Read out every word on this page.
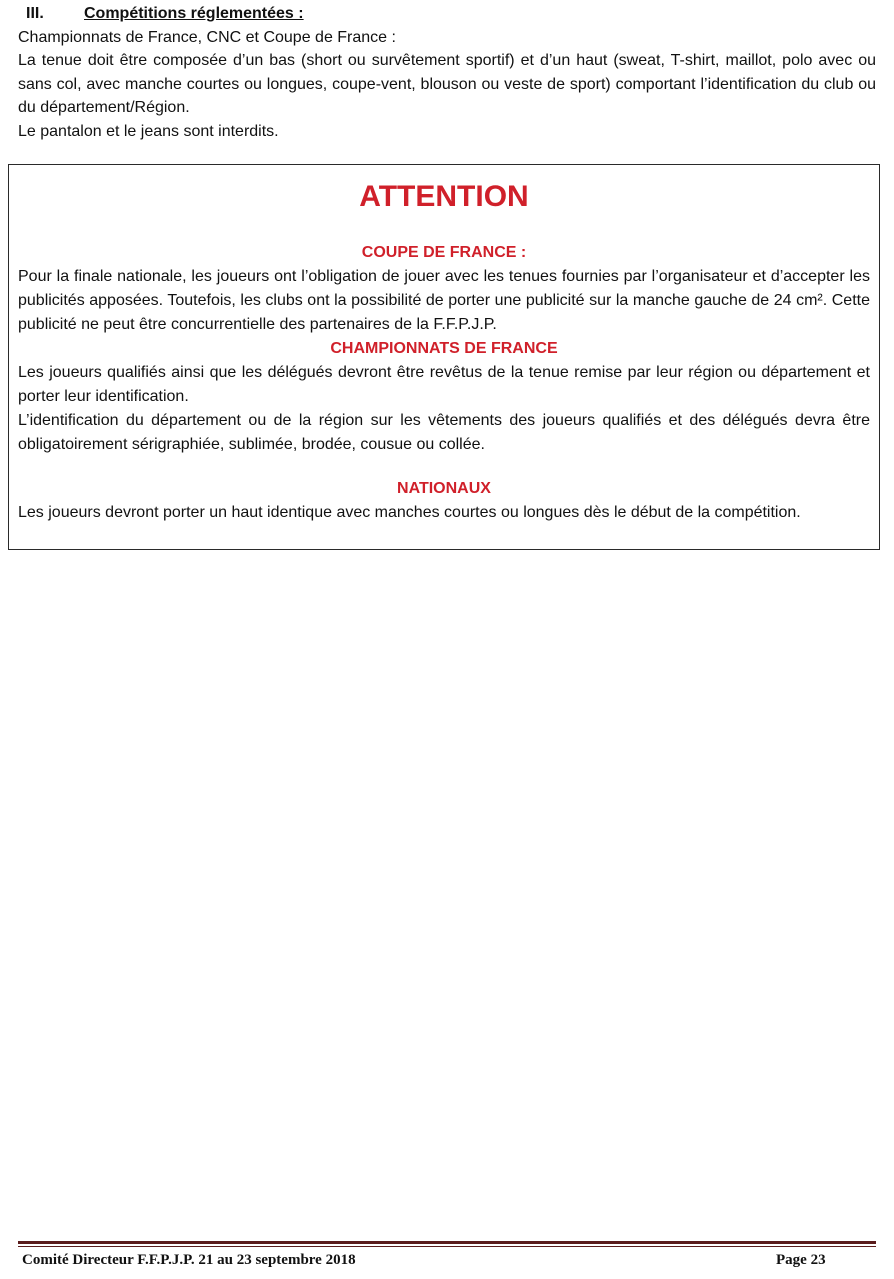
III.	Compétitions réglementées :

Championnats de France, CNC et Coupe de France :

La tenue doit être composée d’un bas (short ou survêtement sportif) et d’un haut (sweat, T-shirt, maillot, polo avec ou sans col, avec manche courtes ou longues, coupe-vent, blouson ou veste de sport) comportant l’identification du club ou du département/Région.

Le pantalon et le jeans sont interdits.

ATTENTION
COUPE DE FRANCE :

Pour la finale nationale, les joueurs ont l’obligation de jouer avec les tenues fournies par l’organisateur et d’accepter les publicités apposées. Toutefois, les clubs ont la possibilité de porter une publicité sur la manche gauche de 24 cm². Cette publicité ne peut être concurrentielle des partenaires de la F.F.P.J.P.

CHAMPIONNATS DE FRANCE

Les joueurs qualifiés ainsi que les délégués devront être revêtus de la tenue remise par leur région ou département et porter leur identification.

L’identification du département ou de la région sur les vêtements des joueurs qualifiés et des délégués devra être obligatoirement sérigraphiée, sublimée, brodée, cousue ou collée.

NATIONAUX

Les joueurs devront porter un haut identique avec manches courtes ou longues dès le début de la compétition.

Comité Directeur F.F.P.J.P. 21 au 23 septembre 2018	Page 23
